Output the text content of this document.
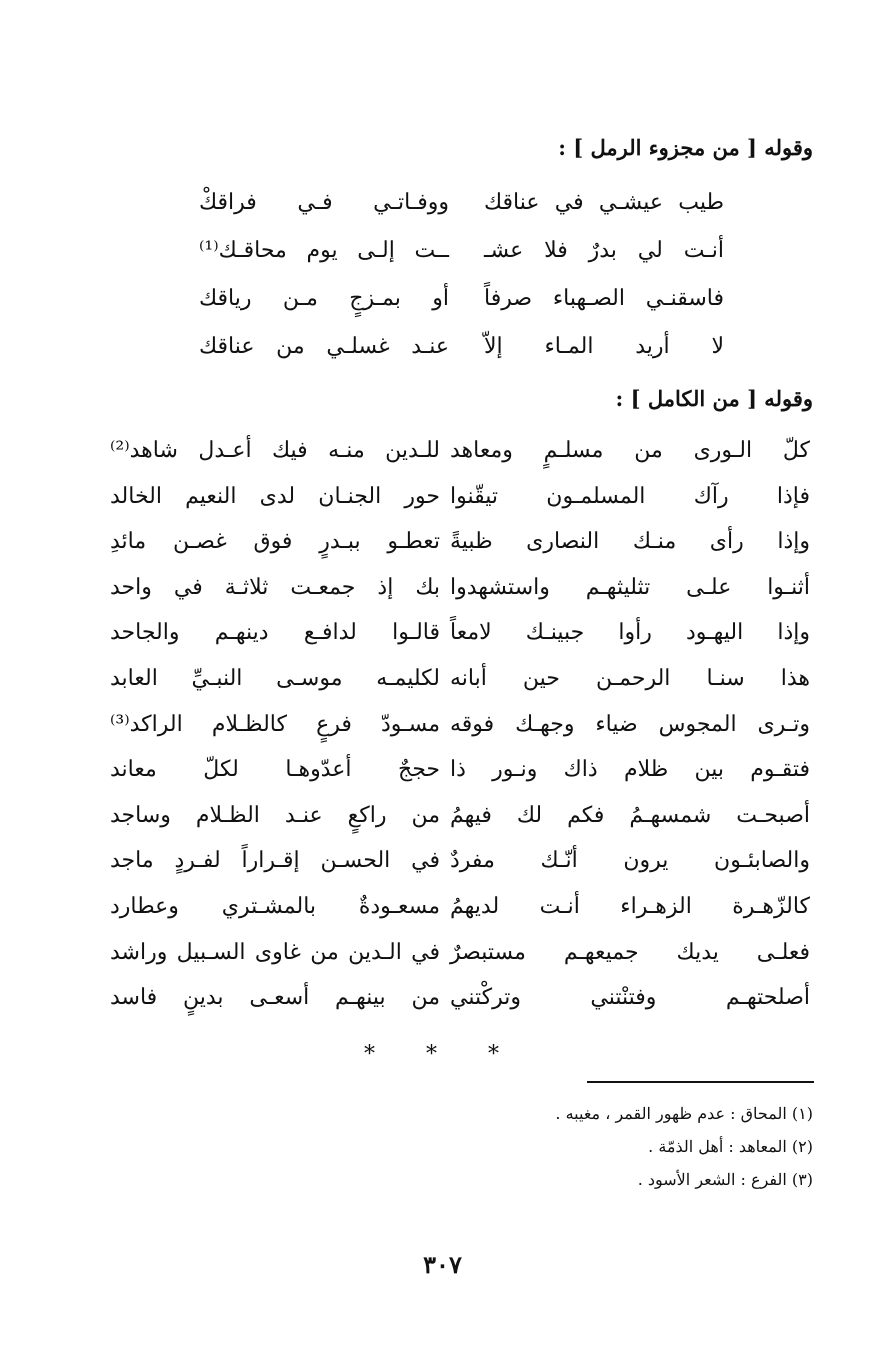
وقوله [ من مجزوء الرمل ] :
طيب عيشـي في عناقك
ووفـاتـي فـي فراقكْ
أنـت لي بدرٌ فلا عشـ
ــت إلـى يوم محاقـك⁽¹⁾
فاسقنـي الصـهباء صرفاً
أو بمـزجٍ مـن رياقك
لا أريد المـاء إلاّ
عنـد غسلـي من عناقك
وقوله [ من الكامل ] :
كلّ الـورى من مسلـمٍ ومعاهد
للـدين منـه فيك أعـدل شاهد⁽²⁾
فإذا رآك المسلمـون تيقّنوا
حور الجنـان لدى النعيم الخالد
وإذا رأى منـك النصارى ظبيةً
تعطـو ببـدرٍ فوق غصـن مائدِ
أثنـوا علـى تثليثهـم واستشهدوا
بك إذ جمعـت ثلاثـة في واحد
وإذا اليهـود رأوا جبينـك لامعاً
قالـوا لدافـع دينهـم والجاحد
هذا سنـا الرحمـن حين أبانه
لكليمـه موسـى النبـيِّ العابد
وتـرى المجوس ضياء وجهـك فوقه
مسـودّ فرعٍ كالظـلام الراكد⁽³⁾
فتقـوم بين ظلام ذاك ونـور ذا
حججٌ أعدّوهـا لكلّ معاند
أصبحـت شمسهـمُ فكم لك فيهمُ
من راكعٍ عنـد الظـلام وساجد
والصابئـون يرون أنّـك مفردٌ
في الحسـن إقـراراً لفـردٍ ماجد
كالزّهـرة الزهـراء أنـت لديهمُ
مسعـودةٌ بالمشـتري وعطارد
فعلـى يديك جميعهـم مستبصرٌ
في الـدين من غاوى السـبيل وراشد
أصلحتهـم وفتنْتني وتركْتني
من بينهـم أسعـى بدينٍ فاسد
* * *
(١) المحاق : عدم ظهور القمر ، مغيبه .
(٢) المعاهد : أهل الذمّة .
(٣) الفرع : الشعر الأسود .
٣٠٧
